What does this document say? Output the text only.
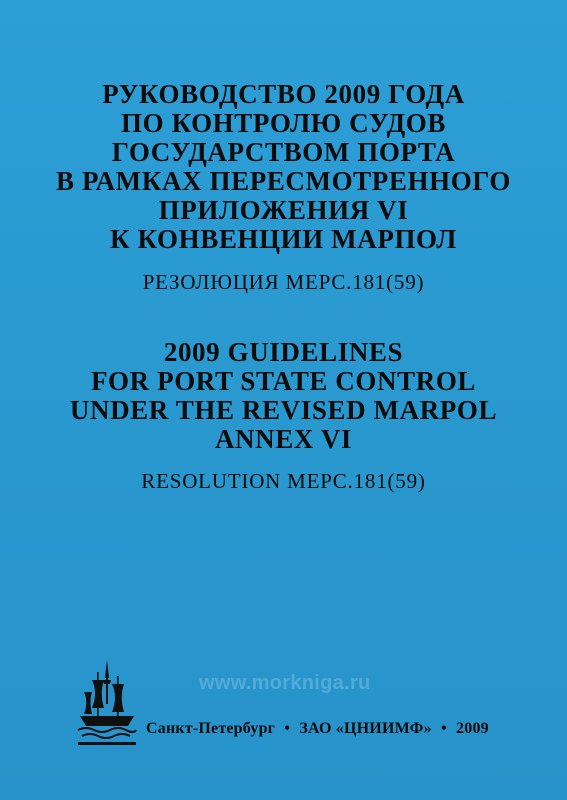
РУКОВОДСТВО 2009 ГОДА
ПО КОНТРОЛЮ СУДОВ
ГОСУДАРСТВОМ ПОРТА
В РАМКАХ ПЕРЕСМОТРЕННОГО
ПРИЛОЖЕНИЯ VI
К КОНВЕНЦИИ МАРПОЛ
РЕЗОЛЮЦИЯ МЕРС.181(59)
2009 GUIDELINES
FOR PORT STATE CONTROL
UNDER THE REVISED MARPOL
ANNEX VI
RESOLUTION MEPC.181(59)
www.morkniga.ru
Санкт-Петербург • ЗАО «ЦНИИМФ» • 2009
